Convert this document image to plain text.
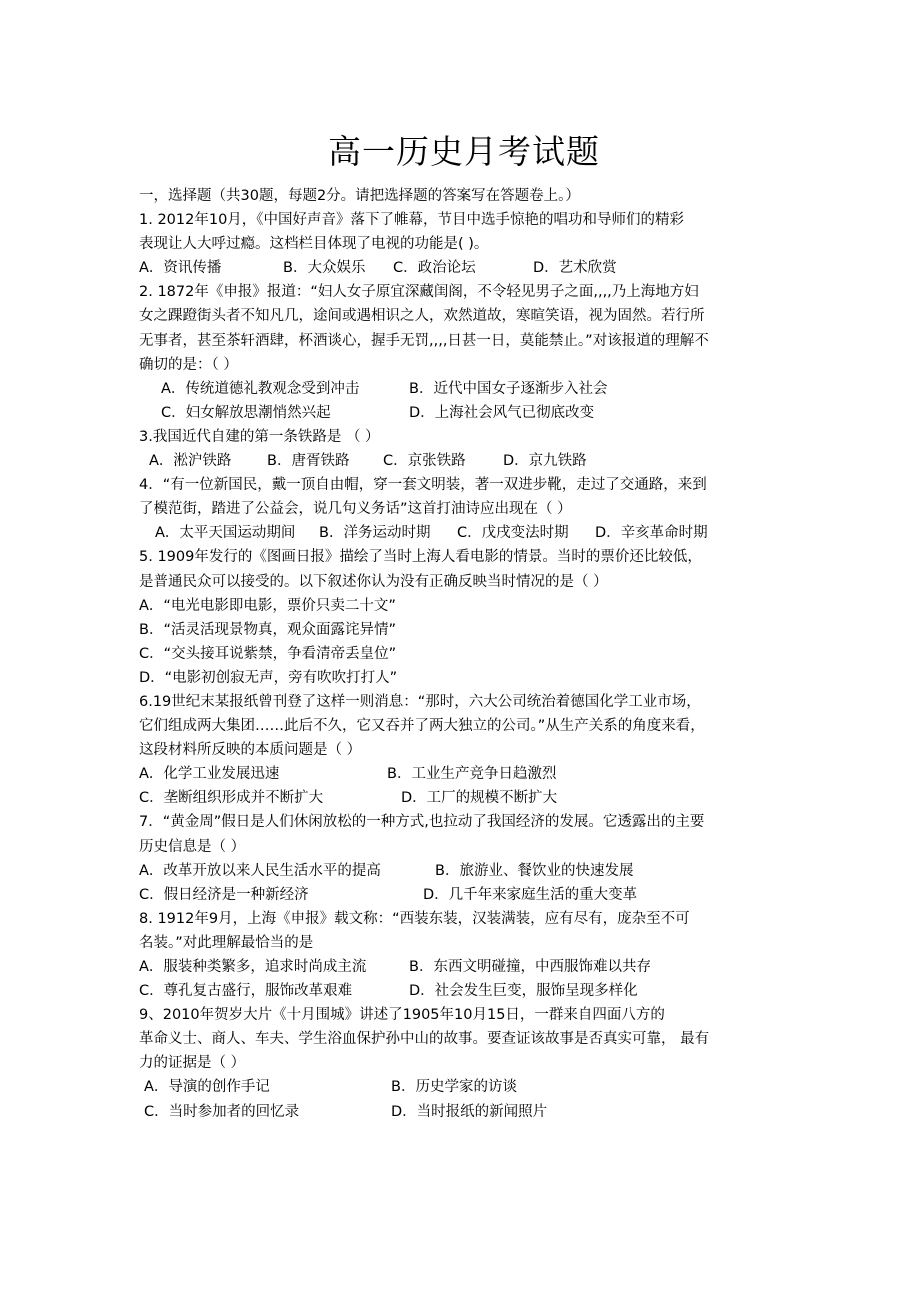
高一历史月考试题
一，选择题（共30题，每题2分。请把选择题的答案写在答题卷上。）
1. 2012年10月，《中国好声音》落下了帷幕，节目中选手惊艳的唱功和导师们的精彩
表现让人大呼过瘾。这档栏目体现了电视的功能是( )。
A．资讯传播	B．大众娱乐 C．政治论坛	D．艺术欣赏
2. 1872年《申报》报道：“妇人女子原宜深藏闺阁，不令轻见男子之面,,,,乃上海地方妇
女之踝蹬街头者不知凡几，途间或遇相识之人，欢然道故，寒暄笑语，视为固然。若行所
无事者，甚至茶轩酒肆，杯酒谈心，握手无罚,,,,日甚一日，莫能禁止。”对该报道的理解不
确切的是：（ ）
A．传统道德礼教观念受到冲击	B．近代中国女子逐渐步入社会
C．妇女解放思潮悄然兴起	D．上海社会风气已彻底改变
3.我国近代自建的第一条铁路是 （ ）
A．淞沪铁路 B．唐胥铁路 C．京张铁路	D．京九铁路
4．“有一位新国民，戴一顶自由帽，穿一套文明装，著一双进步靴，走过了交通路，来到
了模范街，踏进了公益会，说几句义务话”这首打油诗应出现在（ ）
A．太平天国运动期间 B．洋务运动时期 C．戊戌变法时期 D．辛亥革命时期
5. 1909年发行的《图画日报》描绘了当时上海人看电影的情景。当时的票价还比较低，
是普通民众可以接受的。以下叙述你认为没有正确反映当时情况的是（ ）
A．“电光电影即电影，票价只卖二十文”
B．“活灵活现景物真，观众面露诧异情”
C．“交头接耳说紫禁，争看清帝丢皇位”
D．“电影初创寂无声，旁有吹吹打打人”
6.19世纪末某报纸曾刊登了这样一则消息：“那时，六大公司统治着德国化学工业市场，
它们组成两大集团……此后不久，它又吞并了两大独立的公司。”从生产关系的角度来看，
这段材料所反映的本质问题是（ ）
A．化学工业发展迅速	B．工业生产竞争日趋激烈
C．垄断组织形成并不断扩大	D．工厂的规模不断扩大
7．“黄金周”假日是人们休闲放松的一种方式,也拉动了我国经济的发展。它透露出的主要
历史信息是（ ）
A．改革开放以来人民生活水平的提高	B．旅游业、餐饮业的快速发展
C．假日经济是一种新经济	D．几千年来家庭生活的重大变革
8. 1912年9月，上海《申报》载文称：“西装东装，汉装满装，应有尽有，庞杂至不可
名装。”对此理解最恰当的是
A．服装种类繁多，追求时尚成主流	B．东西文明碰撞，中西服饰难以共存
C．尊孔复古盛行，服饰改革艰难	D．社会发生巨变，服饰呈现多样化
9、2010年贺岁大片《十月围城》讲述了1905年10月15日，一群来自四面八方的
革命义士、商人、车夫、学生浴血保护孙中山的故事。要查证该故事是否真实可靠， 最有
力的证据是（ ）
A．导演的创作手记	B．历史学家的访谈
C．当时参加者的回忆录	D．当时报纸的新闻照片
